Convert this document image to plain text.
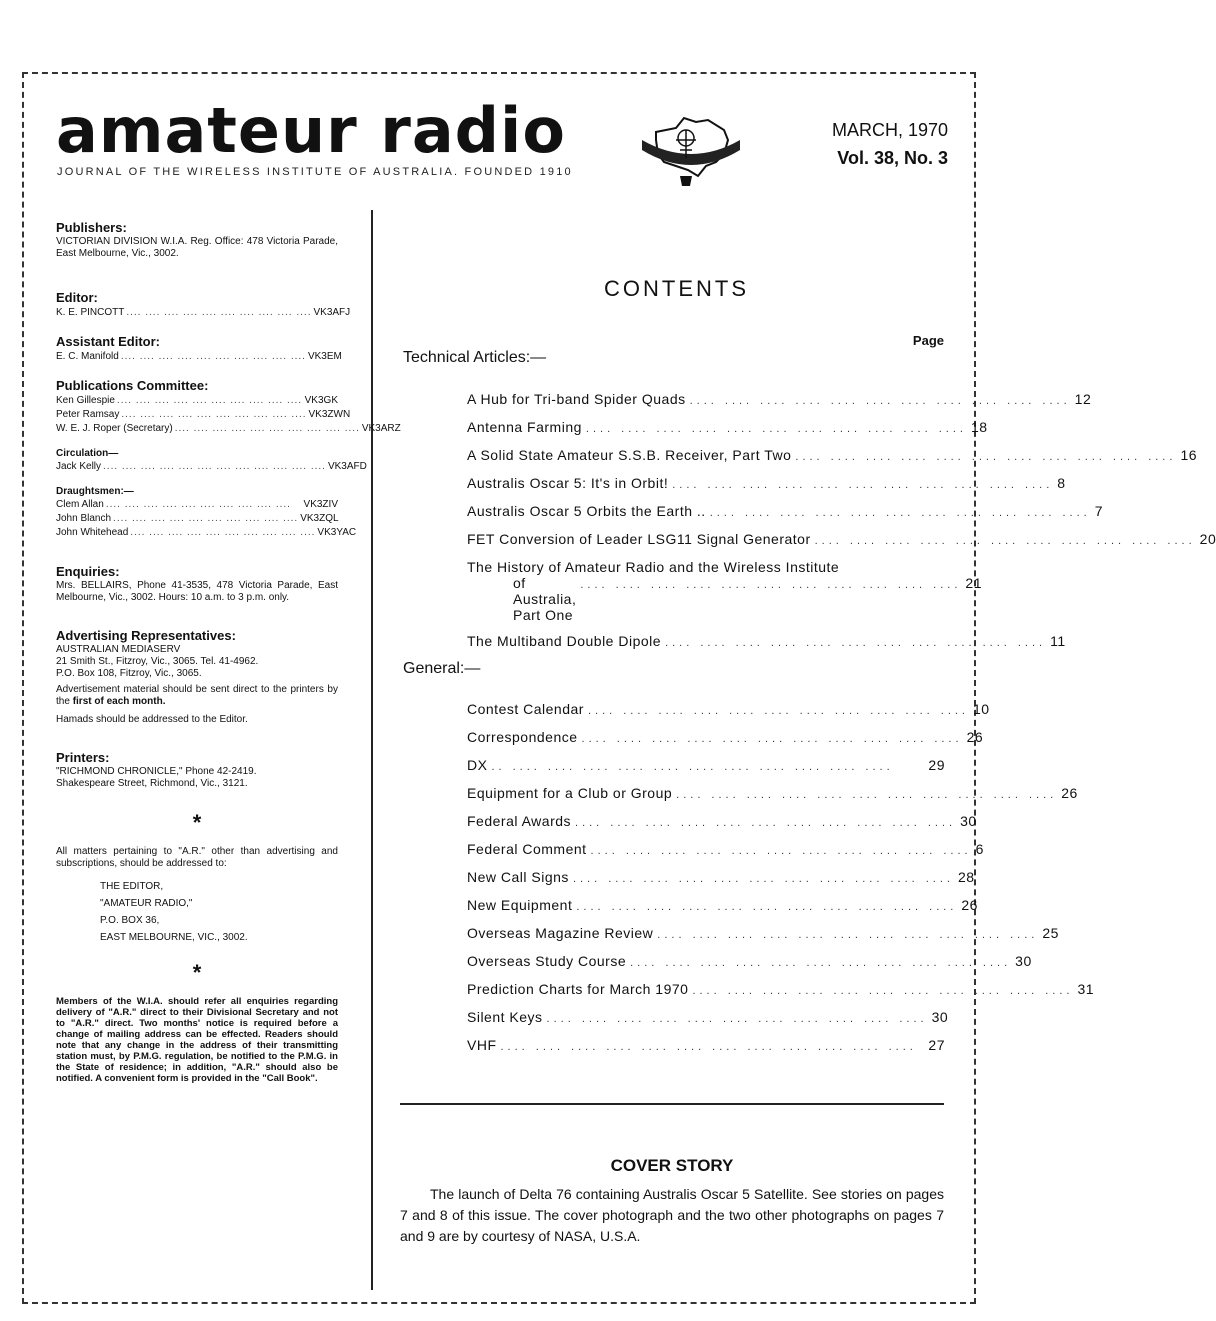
amateur radio
JOURNAL OF THE WIRELESS INSTITUTE OF AUSTRALIA. FOUNDED 1910
MARCH, 1970
Vol. 38, No. 3
Publishers:

VICTORIAN DIVISION W.I.A. Reg. Office: 478 Victoria Parade, East Melbourne, Vic., 3002.

Editor:
K. E. PINCOTT .... .... .... .... .... .... .... .... .... .... VK3AFJ
Assistant Editor:
E. C. Manifold .... .... .... .... .... .... .... .... .... .... VK3EM
Publications Committee:
Ken Gillespie .... .... .... .... .... .... .... .... .... .... VK3GK
Peter Ramsay .... .... .... .... .... .... .... .... .... .... VK3ZWN
W. E. J. Roper (Secretary) .... .... .... .... .... .... .... .... .... .... VK3ARZ
Circulation—
Jack Kelly .... .... .... .... .... .... .... .... .... .... .... .... VK3AFD
Draughtsmen:—
Clem Allan .... .... .... .... .... .... .... .... .... ....	VK3ZIV
John Blanch .... .... .... .... .... .... .... .... .... .... VK3ZQL
John Whitehead .... .... .... .... .... .... .... .... .... .... VK3YAC
Enquiries:

Mrs. BELLAIRS, Phone 41-3535, 478 Victoria Parade, East Melbourne, Vic., 3002. Hours: 10 a.m. to 3 p.m. only.

Advertising Representatives:

AUSTRALIAN MEDIASERV

21 Smith St., Fitzroy, Vic., 3065. Tel. 41-4962.

P.O. Box 108, Fitzroy, Vic., 3065.

Advertisement material should be sent direct to the printers by the first of each month.

Hamads should be addressed to the Editor.

Printers:

"RICHMOND CHRONICLE," Phone 42-2419.

Shakespeare Street, Richmond, Vic., 3121.

*

All matters pertaining to "A.R." other than advertising and subscriptions, should be addressed to:

THE EDITOR,
"AMATEUR RADIO,"
P.O. BOX 36,
EAST MELBOURNE, VIC., 3002.
*

Members of the W.I.A. should refer all enquiries regarding delivery of "A.R." direct to their Divisional Secretary and not to "A.R." direct. Two months' notice is required before a change of mailing address can be effected. Readers should note that any change in the address of their transmitting station must, by P.M.G. regulation, be notified to the P.M.G. in the State of residence; in addition, "A.R." should also be notified. A convenient form is provided in the "Call Book".

CONTENTS
Page
Technical Articles:—
A Hub for Tri-band Spider Quads .... .... .... .... .... .... .... .... .... .... .... 12
Antenna Farming .... .... .... .... .... .... .... .... .... .... .... 18
A Solid State Amateur S.S.B. Receiver, Part Two .... .... .... .... .... .... .... .... .... .... .... 16
Australis Oscar 5: It's in Orbit! .... .... .... .... .... .... .... .... .... .... .... 8
Australis Oscar 5 Orbits the Earth .. .... .... .... .... .... .... .... .... .... .... .... 7
FET Conversion of Leader LSG11 Signal Generator .... .... .... .... .... .... .... .... .... .... .... 20
The History of Amateur Radio and the Wireless Institute
of Australia, Part One
.... .... .... .... .... .... .... .... .... .... .... 21
The Multiband Double Dipole .... .... .... .... .... .... .... .... .... .... .... 11
General:—
Contest Calendar .... .... .... .... .... .... .... .... .... .... .... 10
Correspondence .... .... .... .... .... .... .... .... .... .... .... 26
DX .. .... .... .... .... .... .... .... .... .... .... ....	29
Equipment for a Club or Group .... .... .... .... .... .... .... .... .... .... .... 26
Federal Awards .... .... .... .... .... .... .... .... .... .... .... 30
Federal Comment .... .... .... .... .... .... .... .... .... .... .... 6
New Call Signs .... .... .... .... .... .... .... .... .... .... .... 28
New Equipment .... .... .... .... .... .... .... .... .... .... .... 26
Overseas Magazine Review .... .... .... .... .... .... .... .... .... .... .... 25
Overseas Study Course .... .... .... .... .... .... .... .... .... .... .... 30
Prediction Charts for March 1970 .... .... .... .... .... .... .... .... .... .... .... 31
Silent Keys .... .... .... .... .... .... .... .... .... .... .... 30
VHF .... .... .... .... .... .... .... .... .... .... .... .... 27
COVER STORY
The launch of Delta 76 containing Australis Oscar 5 Satellite. See stories on pages 7 and 8 of this issue. The cover photograph and the two other photographs on pages 7 and 9 are by courtesy of NASA, U.S.A.
